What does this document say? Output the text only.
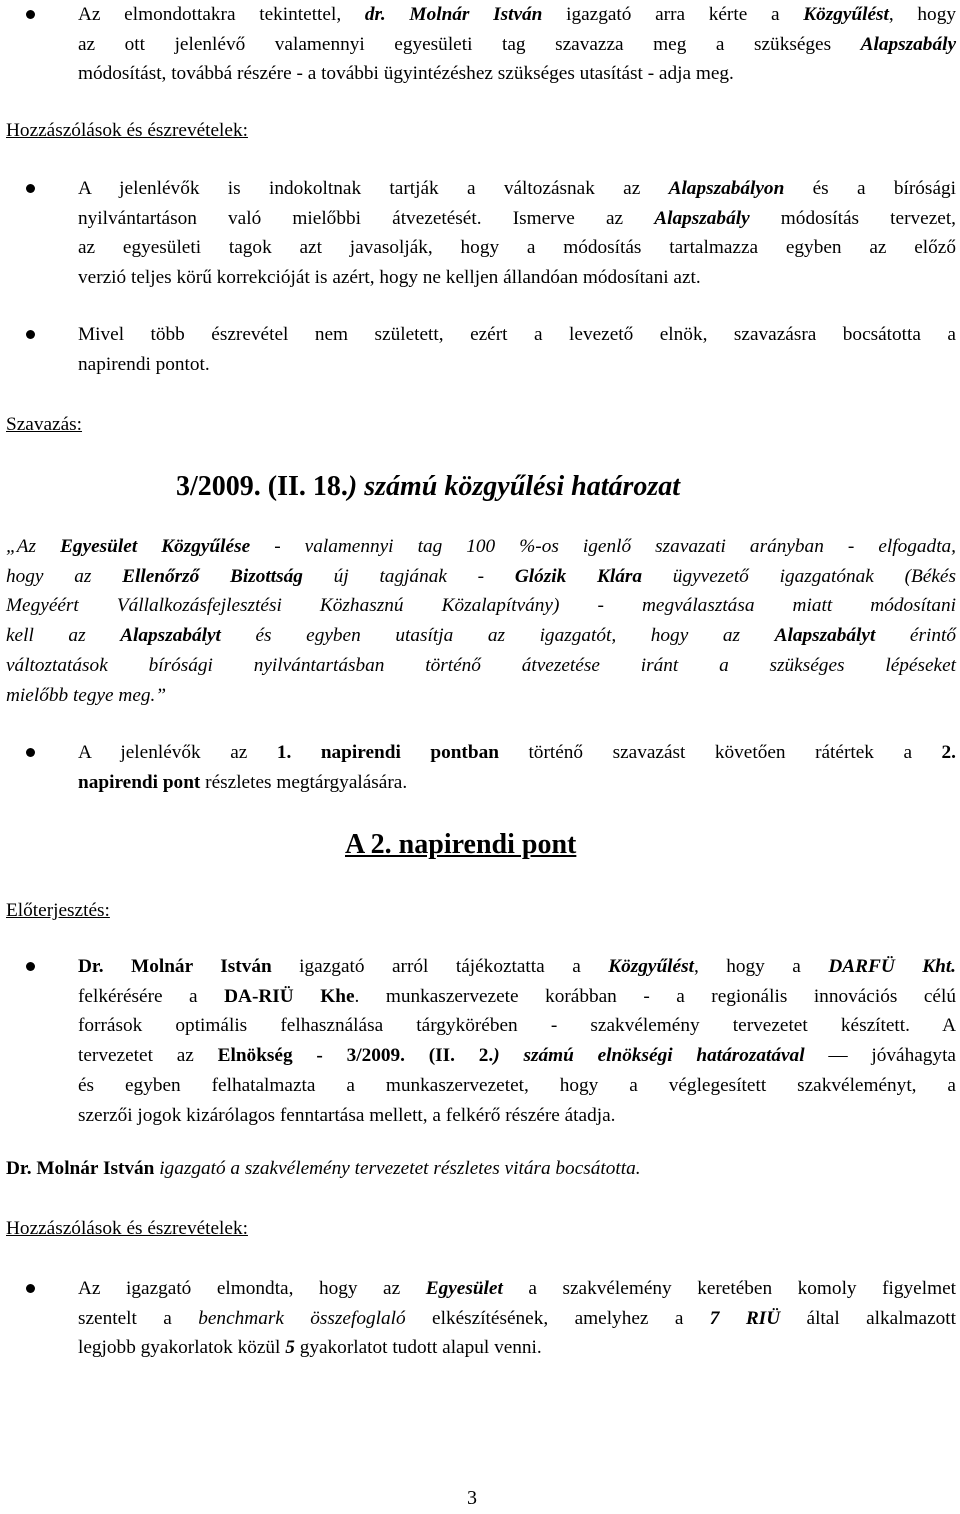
Az elmondottakra tekintettel, dr. Molnár István igazgató arra kérte a Közgyűlést, hogy
az ott jelenlévő valamennyi egyesületi tag szavazza meg a szükséges Alapszabály
módosítást, továbbá részére - a további ügyintézéshez szükséges utasítást - adja meg.
Hozzászólások és észrevételek:
A jelenlévők is indokoltnak tartják a változásnak az Alapszabályon és a bírósági
nyilvántartáson való mielőbbi átvezetését. Ismerve az Alapszabály módosítás tervezet,
az egyesületi tagok azt javasolják, hogy a módosítás tartalmazza egyben az előző
verzió teljes körű korrekcióját is azért, hogy ne kelljen állandóan módosítani azt.
Mivel több észrevétel nem született, ezért a levezető elnök, szavazásra bocsátotta a
napirendi pontot.
Szavazás:
3/2009. (II. 18.) számú közgyűlési határozat
„Az Egyesület Közgyűlése - valamennyi tag 100 %-os igenlő szavazati arányban - elfogadta,
hogy az Ellenőrző Bizottság új tagjának - Glózik Klára ügyvezető igazgatónak (Békés
Megyéért Vállalkozásfejlesztési Közhasznú Közalapítvány) - megválasztása miatt módosítani
kell az Alapszabályt és egyben utasítja az igazgatót, hogy az Alapszabályt érintő
változtatások bírósági nyilvántartásban történő átvezetése iránt a szükséges lépéseket
mielőbb tegye meg.”
A jelenlévők az 1. napirendi pontban történő szavazást követően rátértek a 2.
napirendi pont részletes megtárgyalására.
A 2. napirendi pont
Előterjesztés:
Dr. Molnár István igazgató arról tájékoztatta a Közgyűlést, hogy a DARFÜ Kht.
felkérésére a DA-RIÜ Khe. munkaszervezete korábban - a regionális innovációs célú
források optimális felhasználása tárgykörében - szakvélemény tervezetet készített. A
tervezetet az Elnökség - 3/2009. (II. 2.) számú elnökségi határozatával — jóváhagyta
és egyben felhatalmazta a munkaszervezetet, hogy a véglegesített szakvéleményt, a
szerzői jogok kizárólagos fenntartása mellett, a felkérő részére átadja.
Dr. Molnár István igazgató a szakvélemény tervezetet részletes vitára bocsátotta.
Hozzászólások és észrevételek:
Az igazgató elmondta, hogy az Egyesület a szakvélemény keretében komoly figyelmet
szentelt a benchmark összefoglaló elkészítésének, amelyhez a 7 RIÜ által alkalmazott
legjobb gyakorlatok közül 5 gyakorlatot tudott alapul venni.
3
